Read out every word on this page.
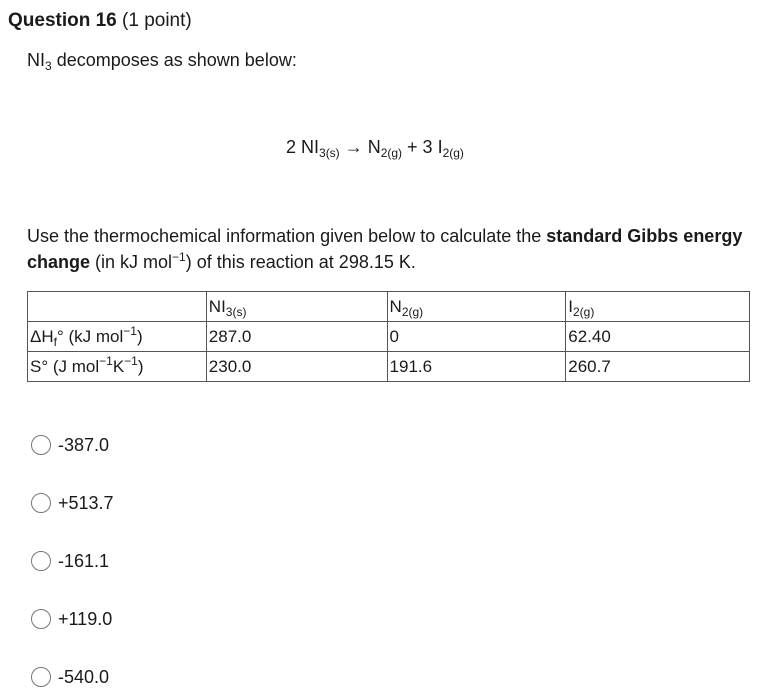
Question 16 (1 point)
$NI_3$ decomposes as shown below:
2 $NI_{3(s)} \to N_{2(g)} + 3$ $I_{2(g)}$
Use the thermochemical information given below to calculate the standard Gibbs energy change (in kJ mol$^{-1}$) of this reaction at 298.15 K.
	$NI_{3(s)}$	$N_{2(g)}$	$I_{2(g)}$
$\Delta H_f^\circ$ (kJ mol$^{-1}$)	287.0	0	62.40
S° (J $mol^{-1}K^{-1}$)	230.0	191.6	260.7
-387.0
+513.7
-161.1
+119.0
-540.0
